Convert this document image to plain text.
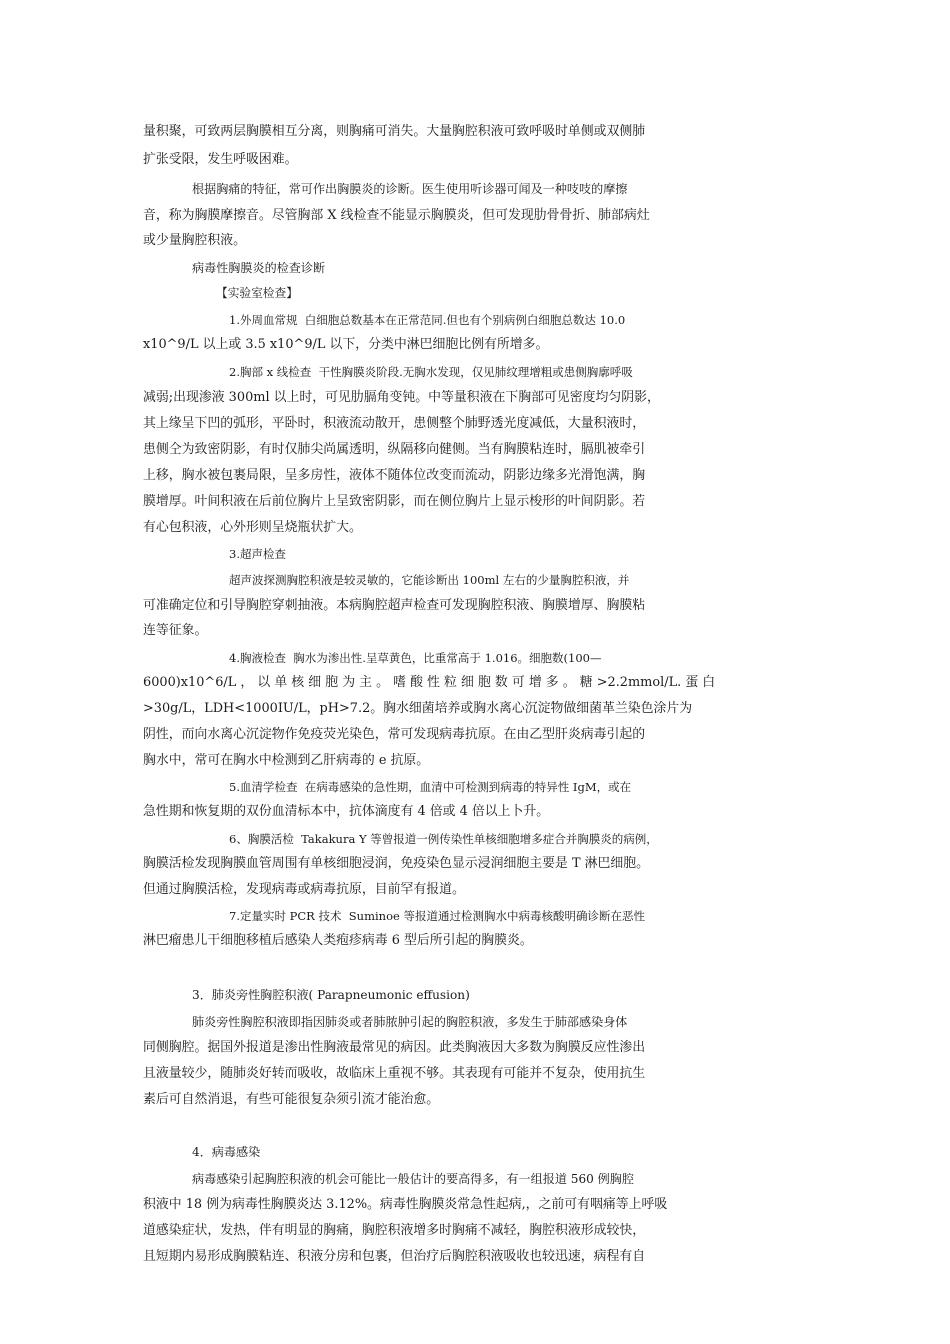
量积聚，可致两层胸膜相互分离，则胸痛可消失。大量胸腔积液可致呼吸时单侧或双侧肺
扩张受限，发生呼吸困难。
根据胸痛的特征，常可作出胸膜炎的诊断。医生使用听诊器可闻及一种吱吱的摩擦
音，称为胸膜摩擦音。尽管胸部 X 线检查不能显示胸膜炎，但可发现肋骨骨折、肺部病灶
或少量胸腔积液。
病毒性胸膜炎的检查诊断
【实验室检查】
1.外周血常规  白细胞总数基本在正常范同.但也有个别病例白细胞总数达 10.0
x10^9/L 以上或 3.5 x10^9/L 以下，分类中淋巴细胞比例有所增多。
2.胸部 x 线检查  干性胸膜炎阶段.无胸水发现，仅见肺纹理增粗或患侧胸廓呼吸
减弱;出现渗液 300ml 以上时，可见肋膈角变钝。中等量积液在下胸部可见密度均匀阴影，
其上缘呈下凹的弧形，平卧时，积液流动散开，患侧整个肺野透光度减低，大量积液时，
患侧仝为致密阴影，有时仅肺尖尚属透明，纵隔移向健侧。当有胸膜粘连时，膈肌被牵引
上移，胸水被包裹局限，呈多房性，液体不随体位改变而流动，阴影边缘多光滑饱满，胸
膜增厚。叶间积液在后前位胸片上呈致密阴影，而在侧位胸片上显示梭形的叶间阴影。若
有心包积液，心外形则呈烧瓶状扩大。
3.超声检查
超声波探测胸腔积液是较灵敏的，它能诊断出 100ml 左右的少量胸腔积液，并
可准确定位和引导胸腔穿刺抽液。本病胸腔超声检查可发现胸腔积液、胸膜增厚、胸膜粘
连等征象。
4.胸液检查  胸水为渗出性.呈草黄色，比重常高于 1.016。细胞数(100—
6000)x10^6/L ， 以 单 核 细 胞 为 主 。 嗜 酸 性 粒 细 胞 数 可 增 多 。 糖 >2.2mmol/L. 蛋 白
>30g/L，LDH<1000IU/L，pH>7.2。胸水细菌培养或胸水离心沉淀物做细菌革兰染色涂片为
阴性，而向水离心沉淀物作免疫荧光染色，常可发现病毒抗原。在由乙型肝炎病毒引起的
胸水中，常可在胸水中检测到乙肝病毒的 e 抗原。
5.血清学检查  在病毒感染的急性期，血清中可检测到病毒的特异性 IgM，或在
急性期和恢复期的双份血清标本中，抗体滴度有 4 倍或 4 倍以上卜升。
6、胸膜活检  Takakura Y 等曾报道一例传染性单核细胞增多症合并胸膜炎的病例，
胸膜活检发现胸膜血管周围有单核细胞浸润，免疫染色显示浸润细胞主要是 T 淋巴细胞。
但通过胸膜活检，发现病毒或病毒抗原，目前罕有报道。
7.定量实时 PCR 技术  Suminoe 等报道通过检测胸水中病毒核酸明确诊断在恶性
淋巴瘤患儿干细胞移植后感染人类疱疹病毒 6 型后所引起的胸膜炎。
3．肺炎旁性胸腔积液( Parapneumonic effusion)
肺炎旁性胸腔积液即指因肺炎或者肺脓肿引起的胸腔积液，多发生于肺部感染身体
同侧胸腔。据国外报道是渗出性胸液最常见的病因。此类胸液因大多数为胸膜反应性渗出
且液量较少，随肺炎好转而吸收，故临床上重视不够。其表现有可能并不复杂，使用抗生
素后可自然消退，有些可能很复杂须引流才能治愈。
4．病毒感染
病毒感染引起胸腔积液的机会可能比一般估计的要高得多，有一组报道 560 例胸腔
积液中 18 例为病毒性胸膜炎达 3.12%。病毒性胸膜炎常急性起病,，之前可有咽痛等上呼吸
道感染症状，发热，伴有明显的胸痛，胸腔积液增多时胸痛不减轻，胸腔积液形成较快，
且短期内易形成胸膜粘连、积液分房和包裹，但治疗后胸腔积液吸收也较迅速，病程有自
